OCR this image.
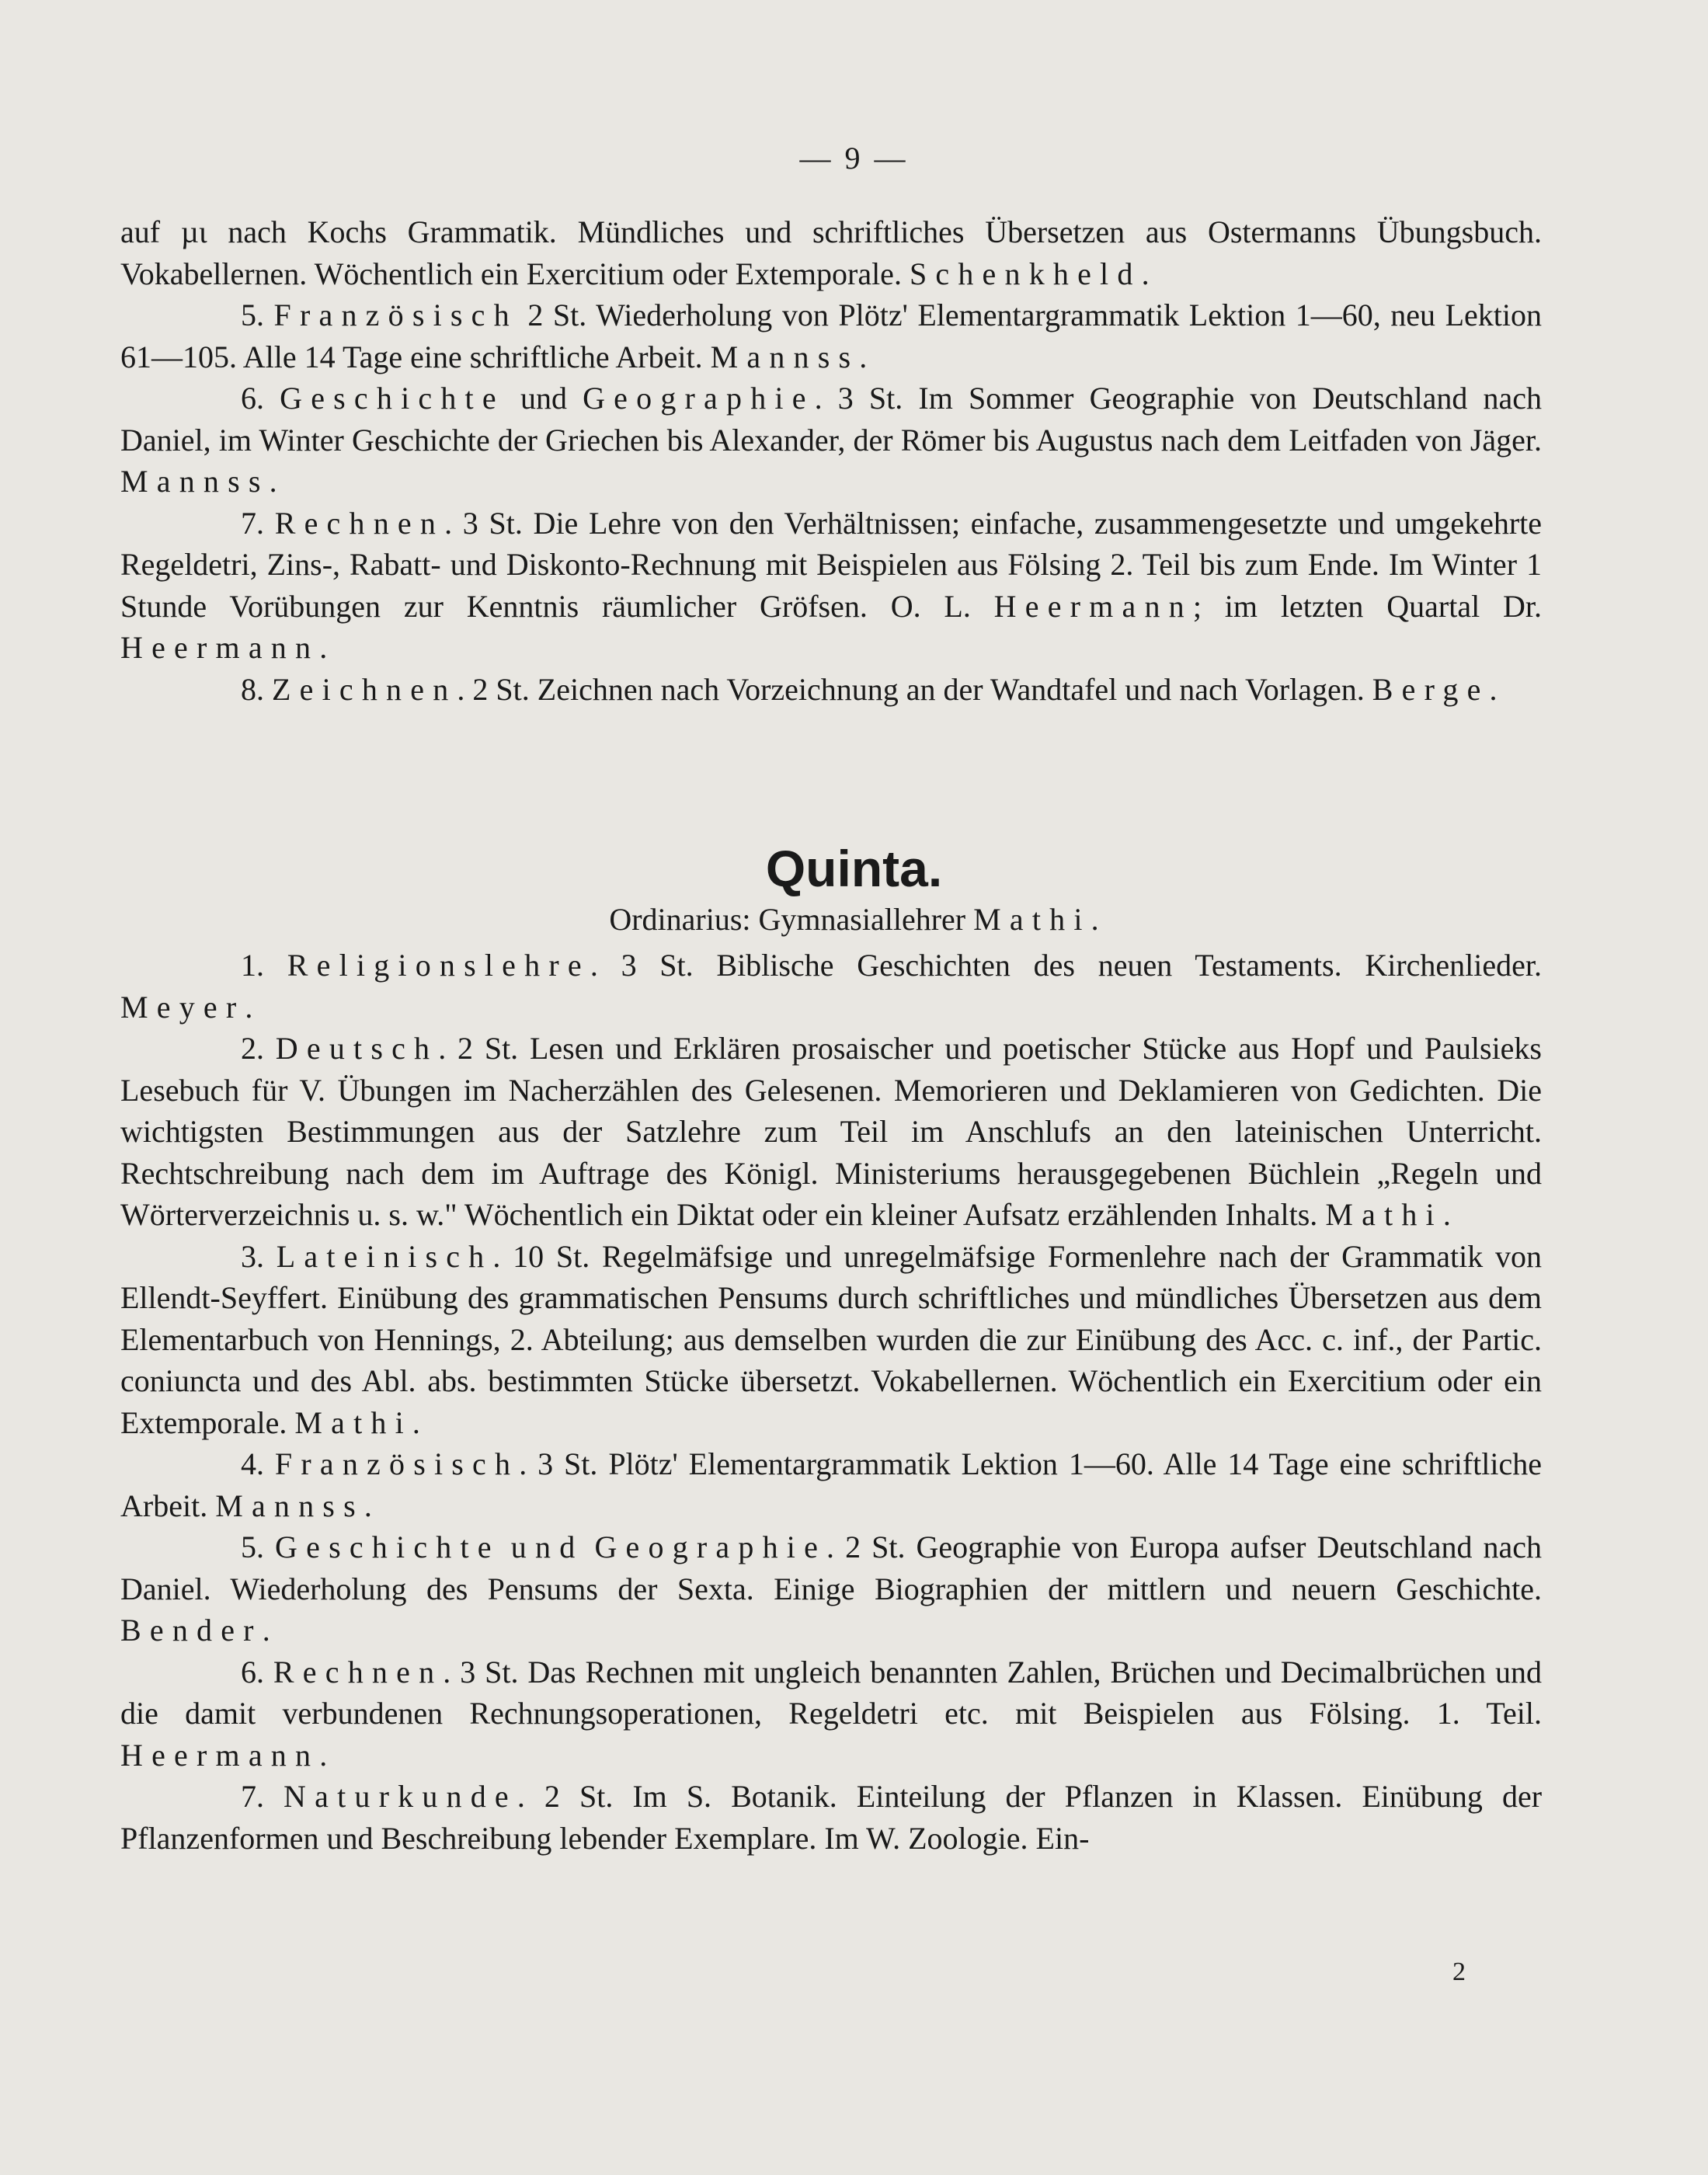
— 9 —

auf µι nach Kochs Grammatik. Mündliches und schriftliches Übersetzen aus Ostermanns Übungsbuch. Vokabellernen. Wöchentlich ein Exercitium oder Extemporale. Schenkheld.

5. Französisch 2 St. Wiederholung von Plötz' Elementargrammatik Lektion 1—60, neu Lektion 61—105. Alle 14 Tage eine schriftliche Arbeit. Mannss.

6. Geschichte und Geographie. 3 St. Im Sommer Geographie von Deutschland nach Daniel, im Winter Geschichte der Griechen bis Alexander, der Römer bis Augustus nach dem Leitfaden von Jäger. Mannss.

7. Rechnen. 3 St. Die Lehre von den Verhältnissen; einfache, zusammengesetzte und umgekehrte Regeldetri, Zins-, Rabatt- und Diskonto-Rechnung mit Beispielen aus Fölsing 2. Teil bis zum Ende. Im Winter 1 Stunde Vorübungen zur Kenntnis räumlicher Gröfsen. O. L. Heermann; im letzten Quartal Dr. Heermann.

8. Zeichnen. 2 St. Zeichnen nach Vorzeichnung an der Wandtafel und nach Vorlagen. Berge.

Quinta.
Ordinarius: Gymnasiallehrer Mathi.

1. Religionslehre. 3 St. Biblische Geschichten des neuen Testaments. Kirchenlieder. Meyer.

2. Deutsch. 2 St. Lesen und Erklären prosaischer und poetischer Stücke aus Hopf und Paulsieks Lesebuch für V. Übungen im Nacherzählen des Gelesenen. Memorieren und Deklamieren von Gedichten. Die wichtigsten Bestimmungen aus der Satzlehre zum Teil im Anschlufs an den lateinischen Unterricht. Rechtschreibung nach dem im Auftrage des Königl. Ministeriums herausgegebenen Büchlein „Regeln und Wörterverzeichnis u. s. w." Wöchentlich ein Diktat oder ein kleiner Aufsatz erzählenden Inhalts. Mathi.

3. Lateinisch. 10 St. Regelmäfsige und unregelmäfsige Formenlehre nach der Grammatik von Ellendt-Seyffert. Einübung des grammatischen Pensums durch schriftliches und mündliches Übersetzen aus dem Elementarbuch von Hennings, 2. Abteilung; aus demselben wurden die zur Einübung des Acc. c. inf., der Partic. coniuncta und des Abl. abs. bestimmten Stücke übersetzt. Vokabellernen. Wöchentlich ein Exercitium oder ein Extemporale. Mathi.

4. Französisch. 3 St. Plötz' Elementargrammatik Lektion 1—60. Alle 14 Tage eine schriftliche Arbeit. Mannss.

5. Geschichte und Geographie. 2 St. Geographie von Europa aufser Deutschland nach Daniel. Wiederholung des Pensums der Sexta. Einige Biographien der mittlern und neuern Geschichte. Bender.

6. Rechnen. 3 St. Das Rechnen mit ungleich benannten Zahlen, Brüchen und Decimalbrüchen und die damit verbundenen Rechnungsoperationen, Regeldetri etc. mit Beispielen aus Fölsing. 1. Teil. Heermann.

7. Naturkunde. 2 St. Im S. Botanik. Einteilung der Pflanzen in Klassen. Einübung der Pflanzenformen und Beschreibung lebender Exemplare. Im W. Zoologie. Ein-

2
